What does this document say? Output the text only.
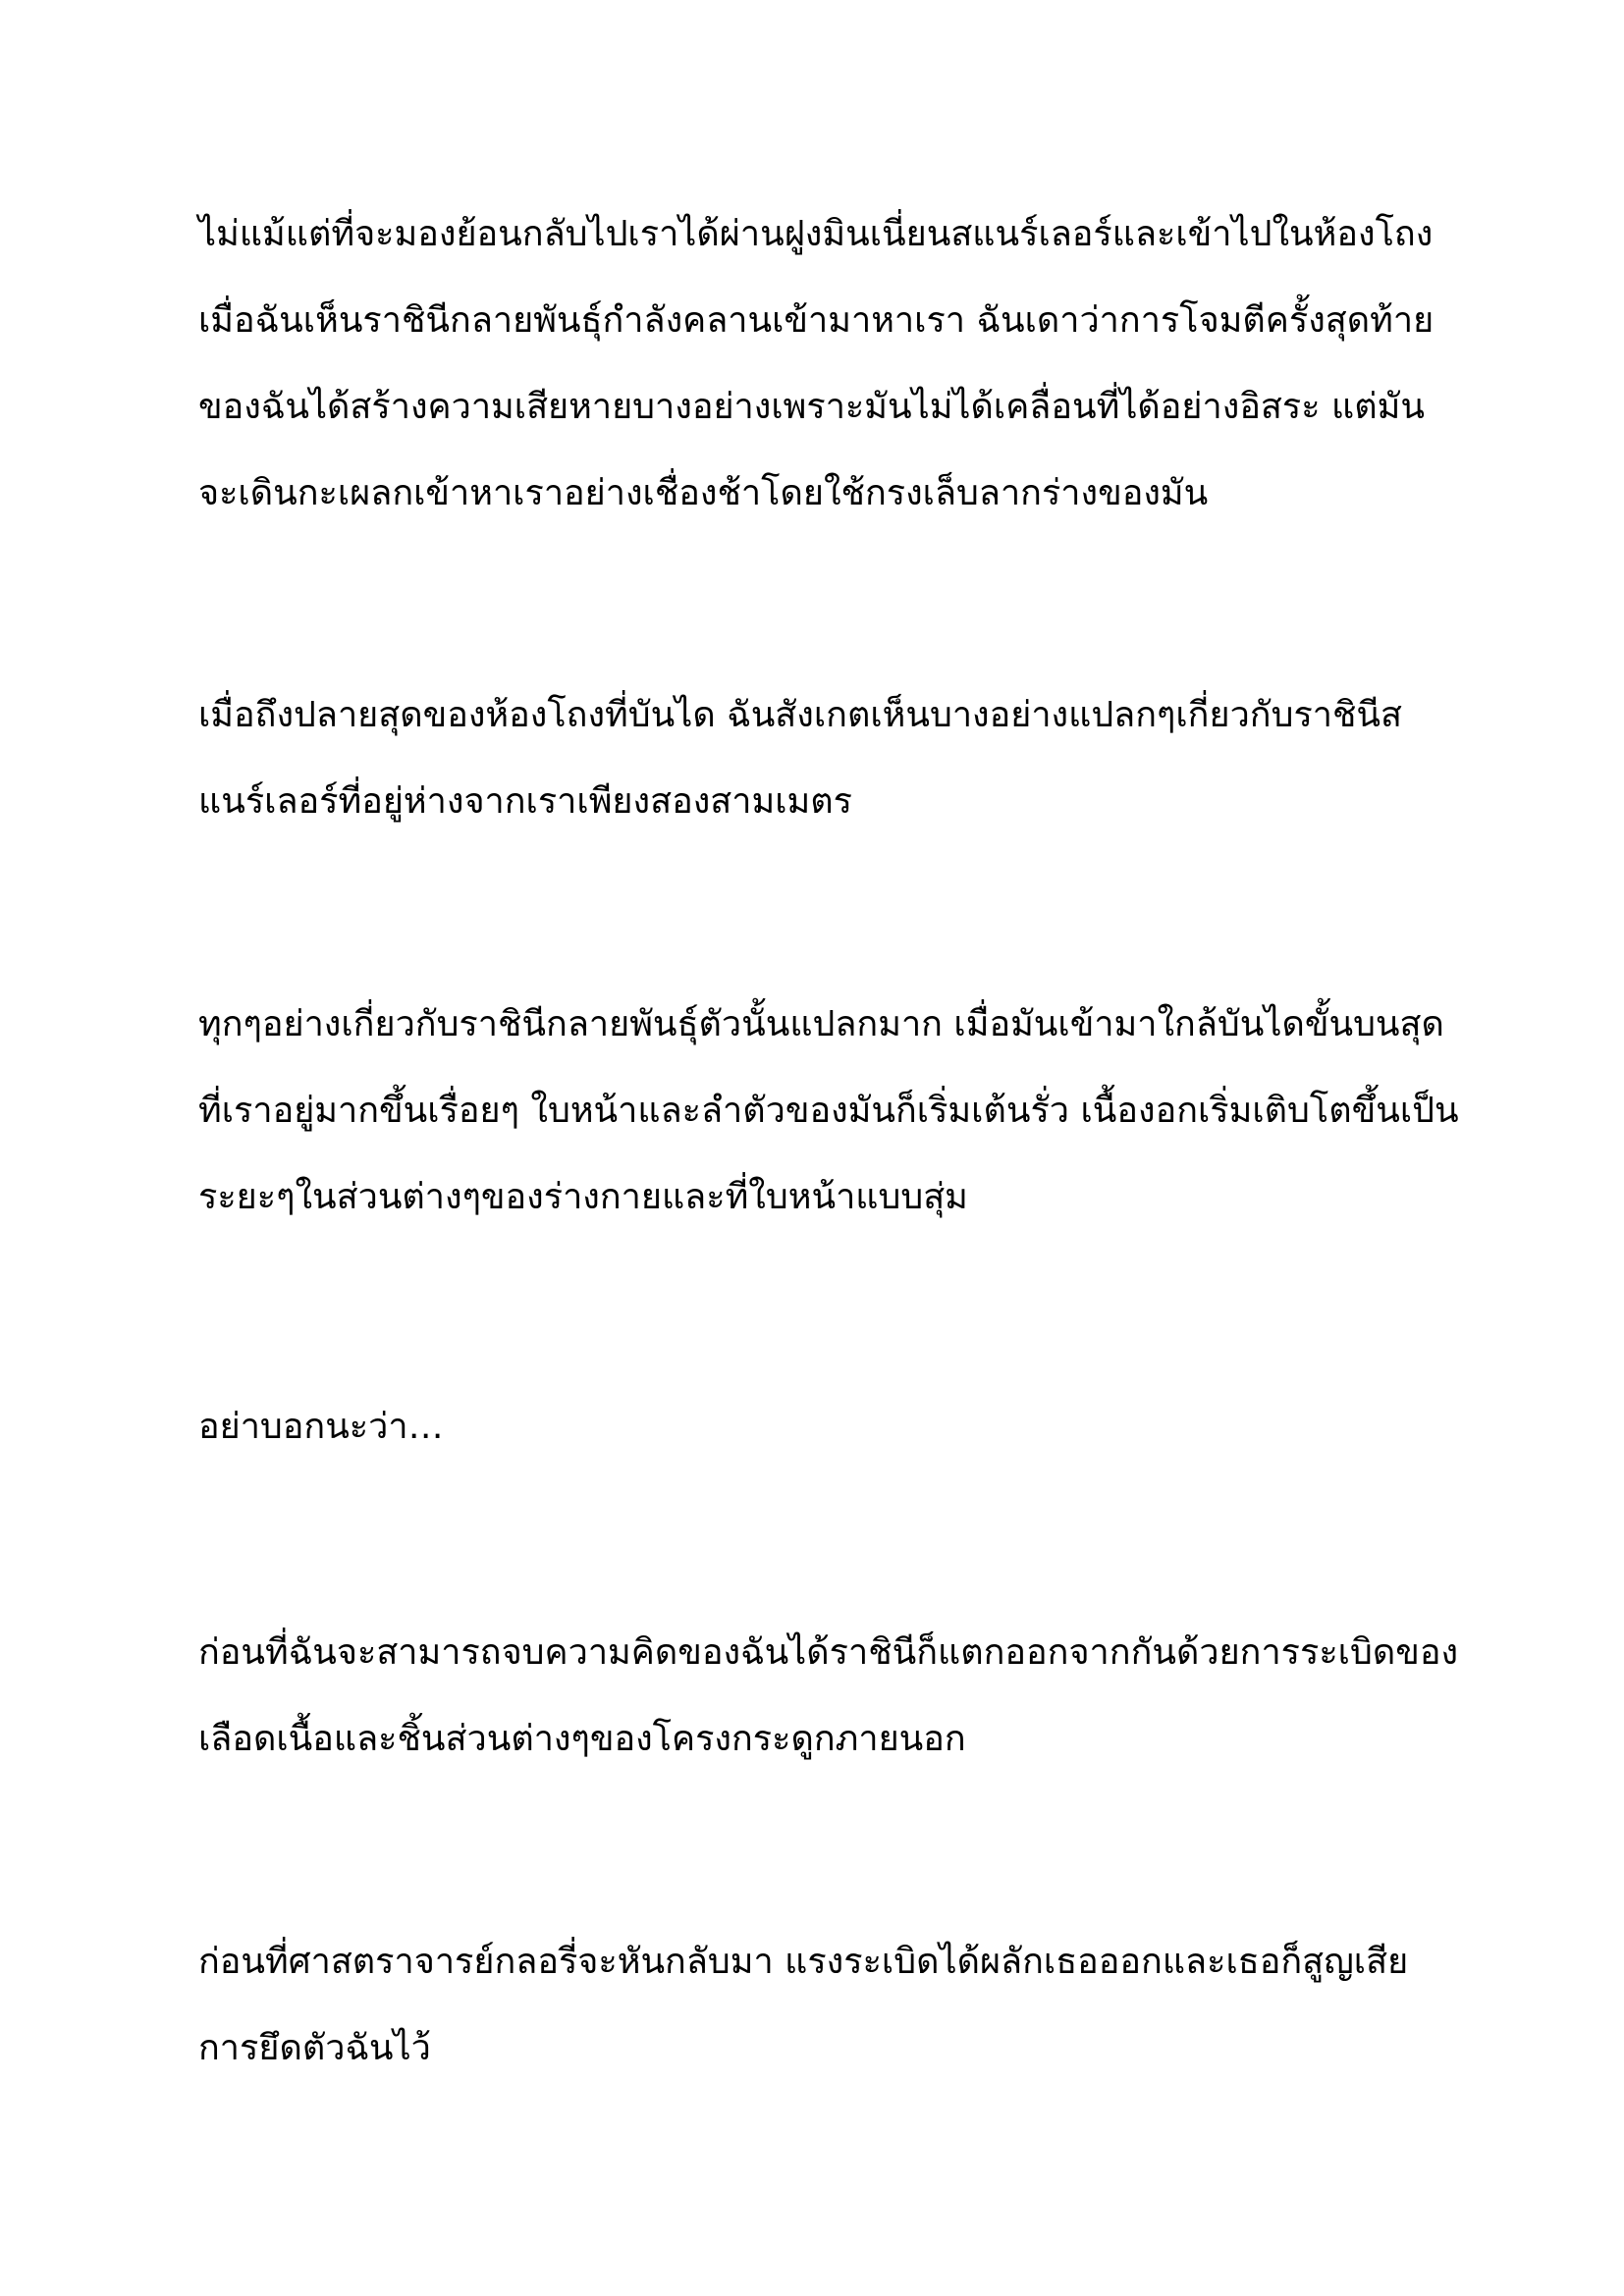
ไม่แม้แต่ที่จะมองย้อนกลับไปเราได้ผ่านฝูงมินเนี่ยนสแนร์เลอร์และเข้าไปในห้องโถง
เมื่อฉันเห็นราชินีกลายพันธุ์กำลังคลานเข้ามาหาเรา ฉันเดาว่าการโจมตีครั้งสุดท้าย
ของฉันได้สร้างความเสียหายบางอย่างเพราะมันไม่ได้เคลื่อนที่ได้อย่างอิสระ แต่มัน
จะเดินกะเผลกเข้าหาเราอย่างเชื่องช้าโดยใช้กรงเล็บลากร่างของมัน
เมื่อถึงปลายสุดของห้องโถงที่บันได ฉันสังเกตเห็นบางอย่างแปลกๆเกี่ยวกับราชินีส
แนร์เลอร์ที่อยู่ห่างจากเราเพียงสองสามเมตร
ทุกๆอย่างเกี่ยวกับราชินีกลายพันธุ์ตัวนั้นแปลกมาก เมื่อมันเข้ามาใกล้บันไดขั้นบนสุด
ที่เราอยู่มากขึ้นเรื่อยๆ ใบหน้าและลำตัวของมันก็เริ่มเต้นรั่ว เนื้องอกเริ่มเติบโตขึ้นเป็น
ระยะๆในส่วนต่างๆของร่างกายและที่ใบหน้าแบบสุ่ม
อย่าบอกนะว่า…
ก่อนที่ฉันจะสามารถจบความคิดของฉันได้ราชินีก็แตกออกจากกันด้วยการระเบิดของ
เลือดเนื้อและชิ้นส่วนต่างๆของโครงกระดูกภายนอก
ก่อนที่ศาสตราจารย์กลอรี่จะหันกลับมา แรงระเบิดได้ผลักเธอออกและเธอก็สูญเสีย
การยึดตัวฉันไว้
